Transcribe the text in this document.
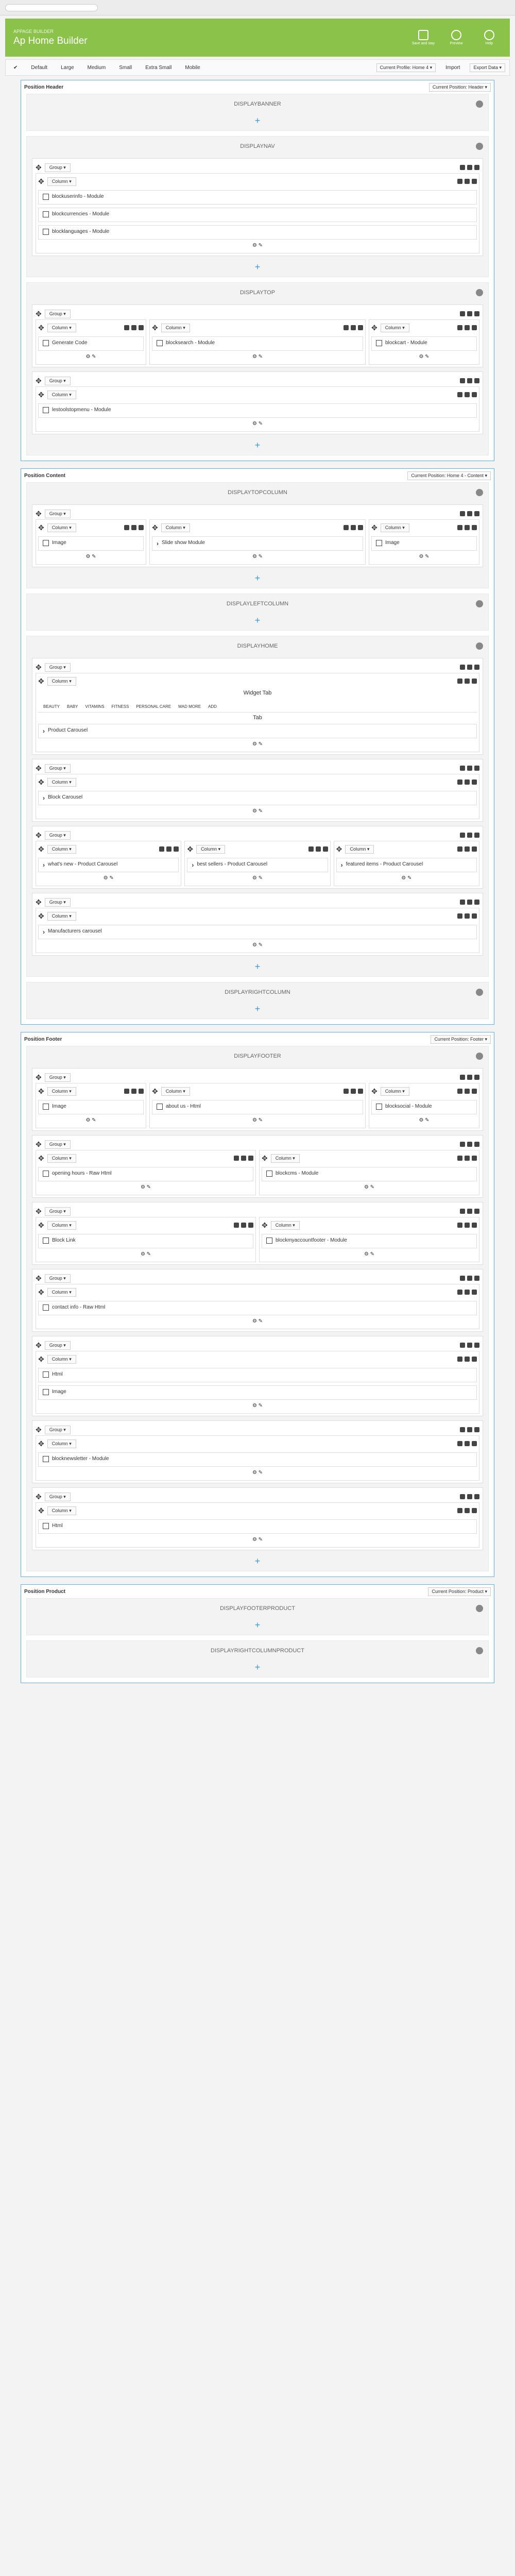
APPAGE BUILDER
Ap Home Builder	Save and stay	Preview	Help
✔	Default	Large	Medium	Small	Extra Small	Mobile	Current Profile: Home 4 ▾	Import	Export Data ▾
Position Header	Current Position: Header ▾
DISPLAYBANNER
+
DISPLAYNAV
✥	Group ▾
✥	Column ▾
blockuserinfo - Module
blockcurrencies - Module
blocklanguages - Module
⚙ ✎
+
DISPLAYTOP
✥	Group ▾
✥	Column ▾
Generate Code
⚙ ✎
✥	Column ▾
blocksearch - Module
⚙ ✎
✥	Column ▾
blockcart - Module
⚙ ✎
✥	Group ▾
✥	Column ▾
lestoolstopmenu - Module
⚙ ✎
+
Position Content	Current Position: Home 4 - Content ▾
DISPLAYTOPCOLUMN
✥	Group ▾
✥	Column ▾
Image
⚙ ✎
✥	Column ▾
› Slide show Module
⚙ ✎
✥	Column ▾
Image
⚙ ✎
+
DISPLAYLEFTCOLUMN
+
DISPLAYHOME
✥	Group ▾
✥	Column ▾
Widget Tab
BEAUTY BABY VITAMINS FITNESS PERSONAL CARE MAD MORE ADD
Tab
› Product Carousel
⚙ ✎
✥	Group ▾
✥	Column ▾
› Block Carousel
⚙ ✎
✥	Group ▾
✥	Column ▾
› what's new - Product Carousel
⚙ ✎
✥	Column ▾
› best sellers - Product Carousel
⚙ ✎
✥	Column ▾
› featured items - Product Carousel
⚙ ✎
✥	Group ▾
✥	Column ▾
› Manufacturers carousel
⚙ ✎
+
DISPLAYRIGHTCOLUMN
+
Position Footer	Current Position: Footer ▾
DISPLAYFOOTER
✥	Group ▾
✥	Column ▾
Image
⚙ ✎
✥	Column ▾
about us - Html
⚙ ✎
✥	Column ▾
blocksocial - Module
⚙ ✎
✥	Group ▾
✥	Column ▾
opening hours - Raw Html
⚙ ✎
✥	Column ▾
blockcms - Module
⚙ ✎
✥	Group ▾
✥	Column ▾
Block Link
⚙ ✎
✥	Column ▾
blockmyaccountfooter - Module
⚙ ✎
✥	Group ▾
✥	Column ▾
contact info - Raw Html
⚙ ✎
✥	Group ▾
✥	Column ▾
Html
Image
⚙ ✎
✥	Group ▾
✥	Column ▾
blocknewsletter - Module
⚙ ✎
✥	Group ▾
✥	Column ▾
Html
⚙ ✎
+
Position Product	Current Position: Product ▾
DISPLAYFOOTERPRODUCT
+
DISPLAYRIGHTCOLUMNPRODUCT
+
